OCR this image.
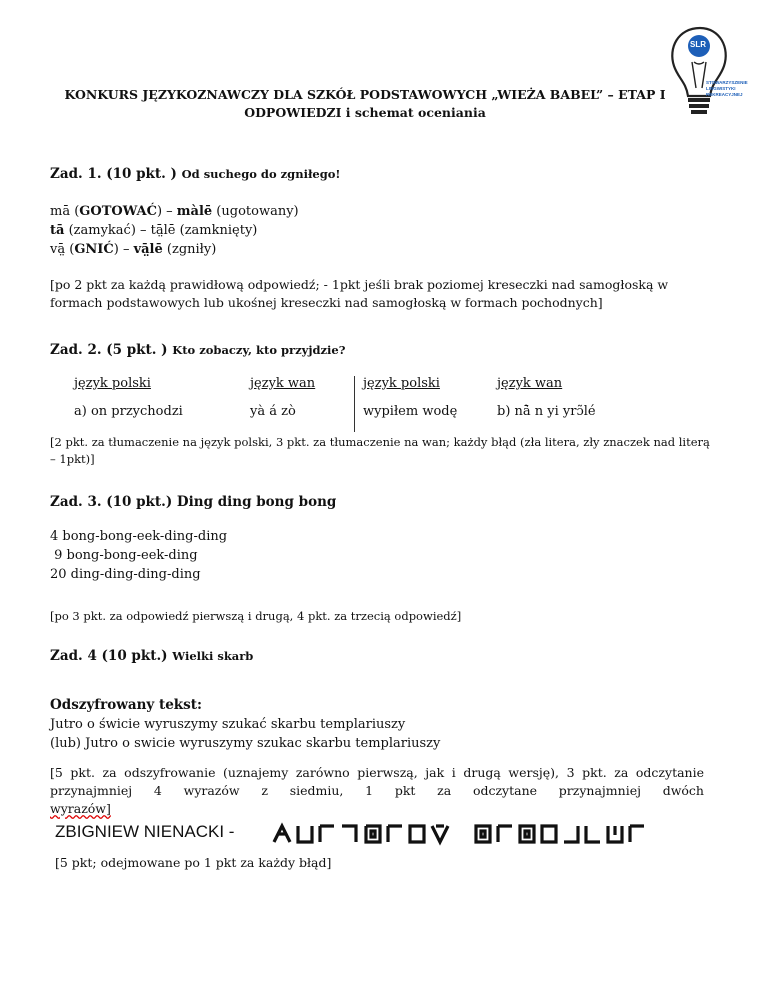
SLR
STOWARZYSZENIE
LINGWISTYKI
REKREACYJNEJ
KONKURS JĘZYKOZNAWCZY DLA SZKÓŁ PODSTAWOWYCH „WIEŻA BABEL” – ETAP I
ODPOWIEDZI i schemat oceniania
Zad. 1. (10 pkt. ) Od suchego do zgniłego!
mā (GOTOWAĆ) – màlē (ugotowany)
tā (zamykać) – tā̤lē (zamknięty)
vā̤ (GNIĆ) – vā̤lē (zgniły)
[po 2 pkt za każdą prawidłową odpowiedź; - 1pkt jeśli brak poziomej kreseczki nad samogłoską w formach podstawowych lub ukośnej kreseczki nad samogłoską w formach pochodnych]
Zad. 2. (5 pkt. ) Kto zobaczy, kto przyjdzie?
język polski	język wan	język polski	język wan
a) on przychodzi	yà á zò	wypiłem wodę	b) nā̀ n yi yrɔ̃lé
[2 pkt. za tłumaczenie na język polski, 3 pkt. za tłumaczenie na wan; każdy błąd (zła litera, zły znaczek nad literą – 1pkt)]
Zad. 3. (10 pkt.) Ding ding bong bong
4 bong-bong-eek-ding-ding
9 bong-bong-eek-ding
20 ding-ding-ding-ding
[po 3 pkt. za odpowiedź pierwszą i drugą, 4 pkt. za trzecią odpowiedź]
Zad. 4 (10 pkt.) Wielki skarb
Odszyfrowany tekst:
Jutro o świcie wyruszymy szukać skarbu templariuszy
(lub) Jutro o swicie wyruszymy szukac skarbu templariuszy
[5 pkt. za odszyfrowanie (uznajemy zarówno pierwszą, jak i drugą wersję), 3 pkt. za odczytanie przynajmniej 4 wyrazów z siedmiu, 1 pkt za odczytane przynajmniej dwóch
wyrazów]
ZBIGNIEW NIENACKI -
[5 pkt; odejmowane po 1 pkt za każdy błąd]
